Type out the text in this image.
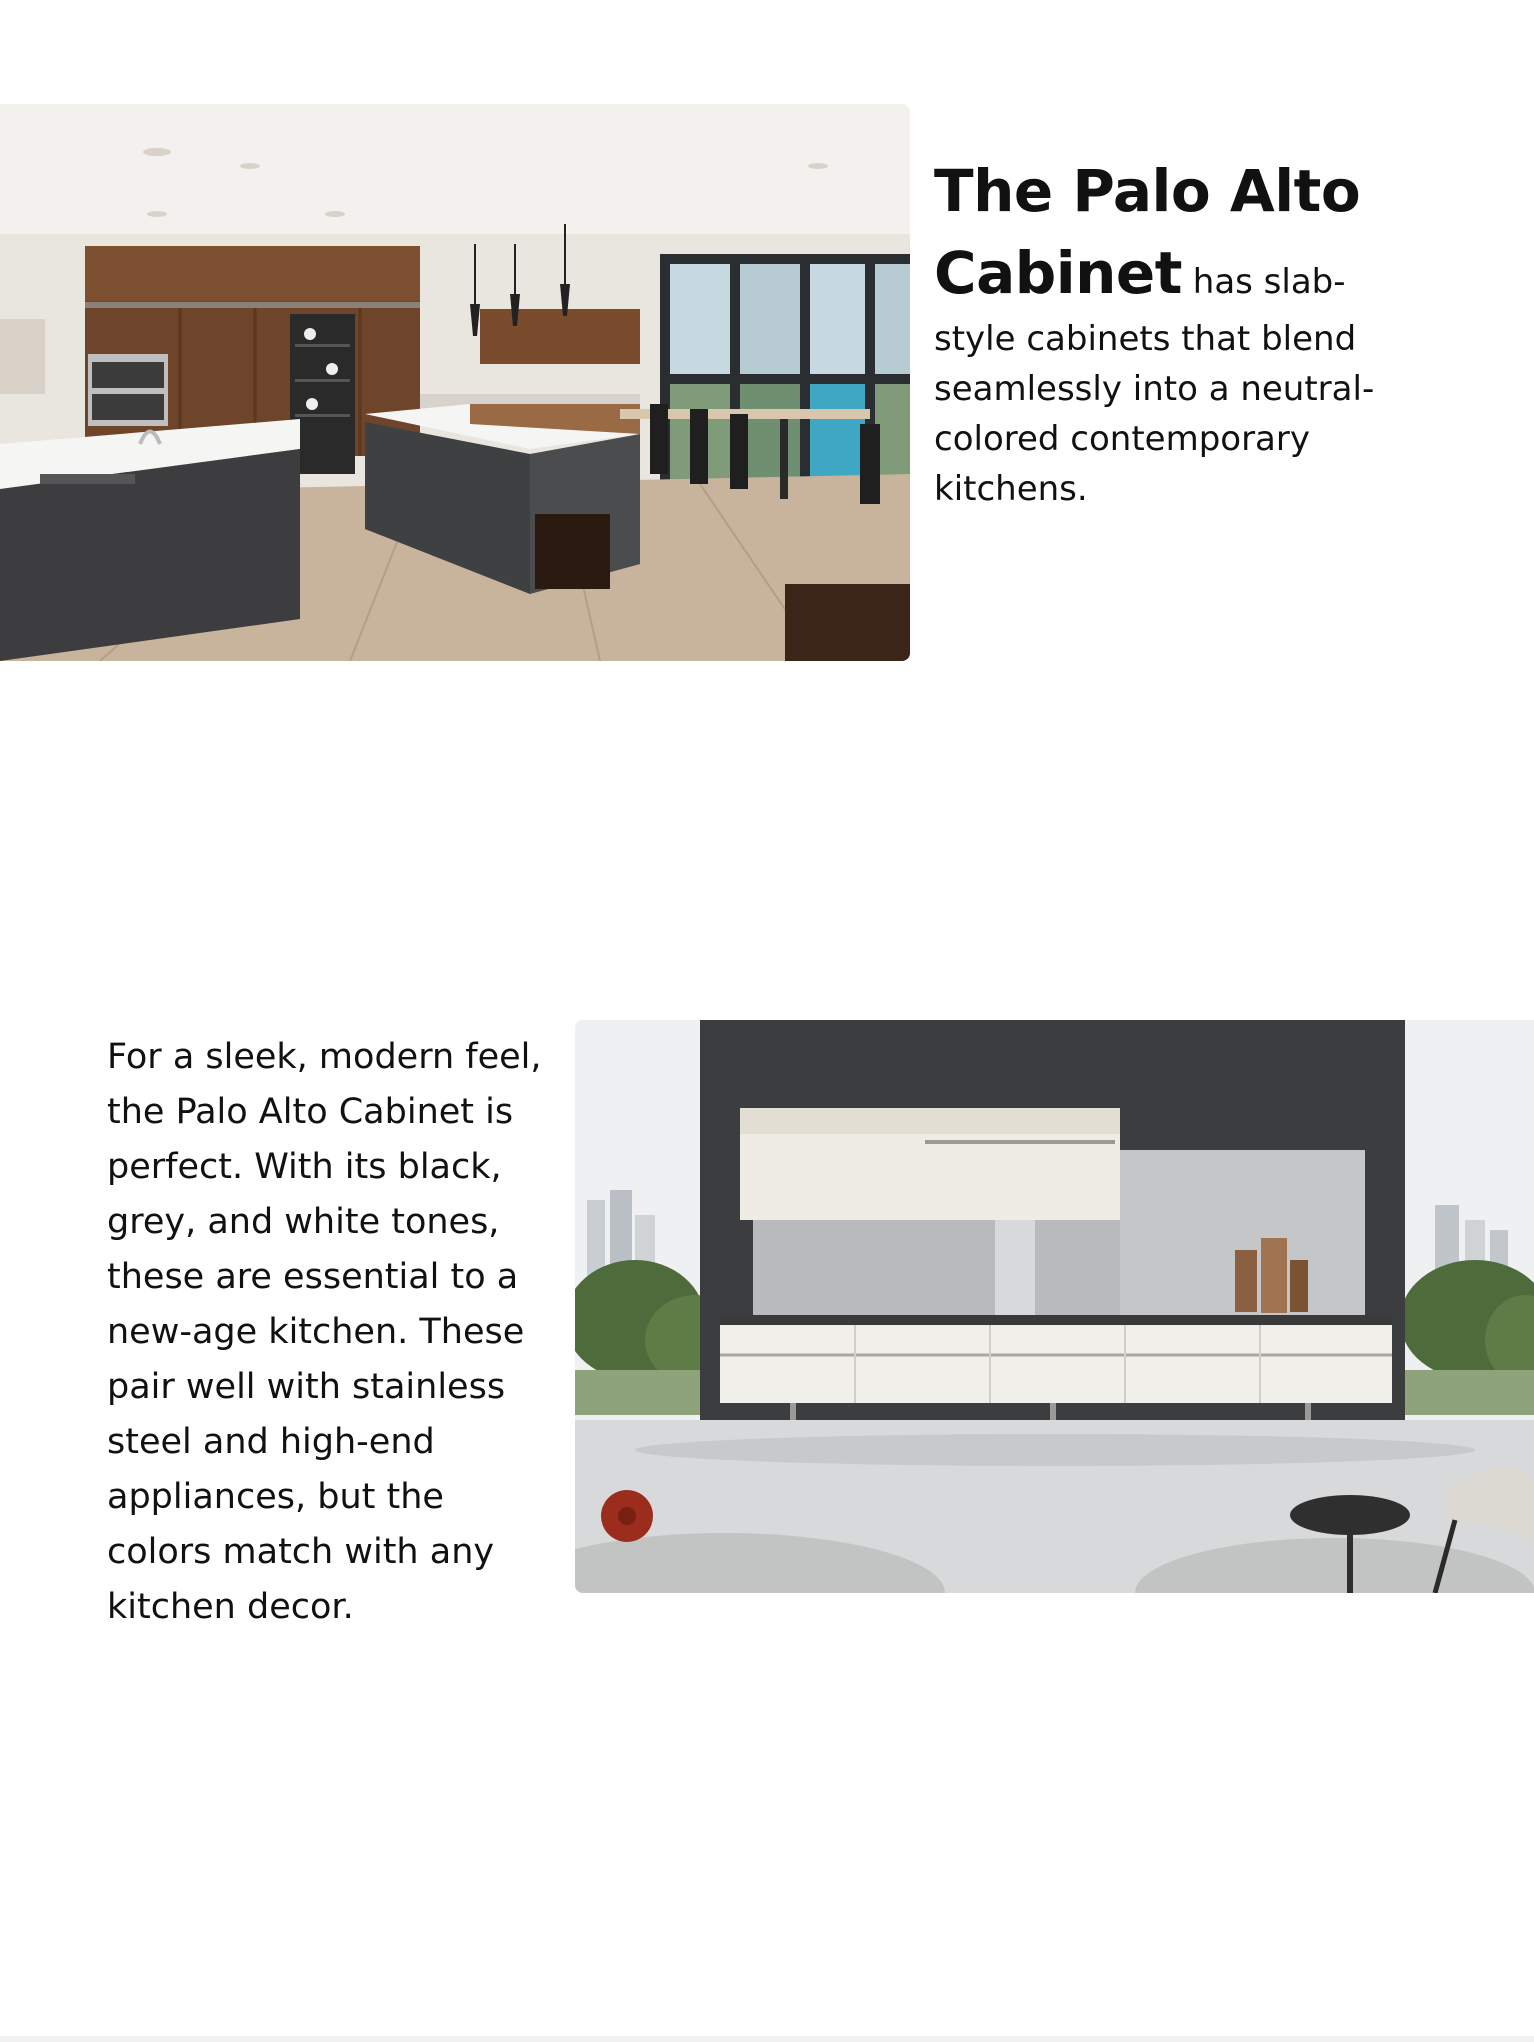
The Palo Alto Cabinet has slab-style cabinets that blend seamlessly into a neutral-colored contemporary kitchens.
For a sleek, modern feel, the Palo Alto Cabinet is perfect. With its black, grey, and white tones, these are essential to a new-age kitchen. These pair well with stainless steel and high-end appliances, but the colors match with any kitchen decor.
